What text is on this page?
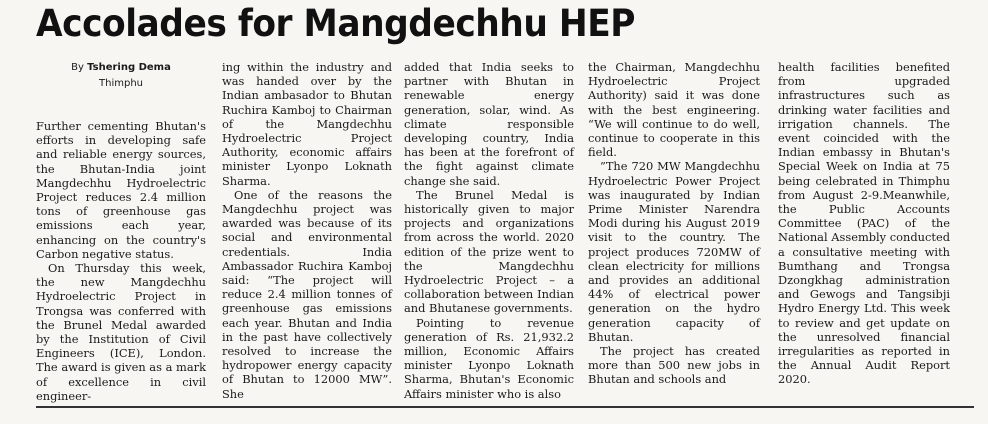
Accolades for Mangdechhu HEP
By Tshering Dema
Thimphu

Further cementing Bhutan's efforts in developing safe and reliable energy sources, the Bhutan-India joint Mangdechhu Hydroelectric Project reduces 2.4 million tons of greenhouse gas emissions each year, enhancing on the country's Carbon negative status.

On Thursday this week, the new Mangdechhu Hydroelectric Project in Trongsa was conferred with the Brunel Medal awarded by the Institution of Civil Engineers (ICE), London. The award is given as a mark of excellence in civil engineer-

ing within the industry and was handed over by the Indian ambasador to Bhutan Ruchira Kamboj to Chairman of the Mangdechhu Hydroelectric Project Authority, economic affairs minister Lyonpo Loknath Sharma.

One of the reasons the Mangdechhu project was awarded was because of its social and environmental credentials. India Ambassador Ruchira Kamboj said: “The project will reduce 2.4 million tonnes of greenhouse gas emissions each year. Bhutan and India in the past have collectively resolved to increase the hydropower energy capacity of Bhutan to 12000 MW”. She

added that India seeks to partner with Bhutan in renewable energy generation, solar, wind. As climate responsible developing country, India has been at the forefront of the fight against climate change she said.

The Brunel Medal is historically given to major projects and organizations from across the world. 2020 edition of the prize went to the Mangdechhu Hydroelectric Project – a collaboration between Indian and Bhutanese governments.

Pointing to revenue generation of Rs. 21,932.2 million, Economic Affairs minister Lyonpo Loknath Sharma, Bhutan's Economic Affairs minister who is also

the Chairman, Mangdechhu Hydroelectric Project Authority) said it was done with the best engineering. “We will continue to do well, continue to cooperate in this field.

”The 720 MW Mangdechhu Hydroelectric Power Project was inaugurated by Indian Prime Minister Narendra Modi during his August 2019 visit to the country. The project produces 720MW of clean electricity for millions and provides an additional 44% of electrical power generation on the hydro generation capacity of Bhutan.

The project has created more than 500 new jobs in Bhutan and schools and

health facilities benefited from upgraded infrastructures such as drinking water facilities and irrigation channels. The event coincided with the Indian embassy in Bhutan's Special Week on India at 75 being celebrated in Thimphu from August 2-9.Meanwhile, the Public Accounts Committee (PAC) of the National Assembly conducted a consultative meeting with Bumthang and Trongsa Dzongkhag administration and Gewogs and Tangsibji Hydro Energy Ltd. This week to review and get update on the unresolved financial irregularities as reported in the Annual Audit Report 2020.
